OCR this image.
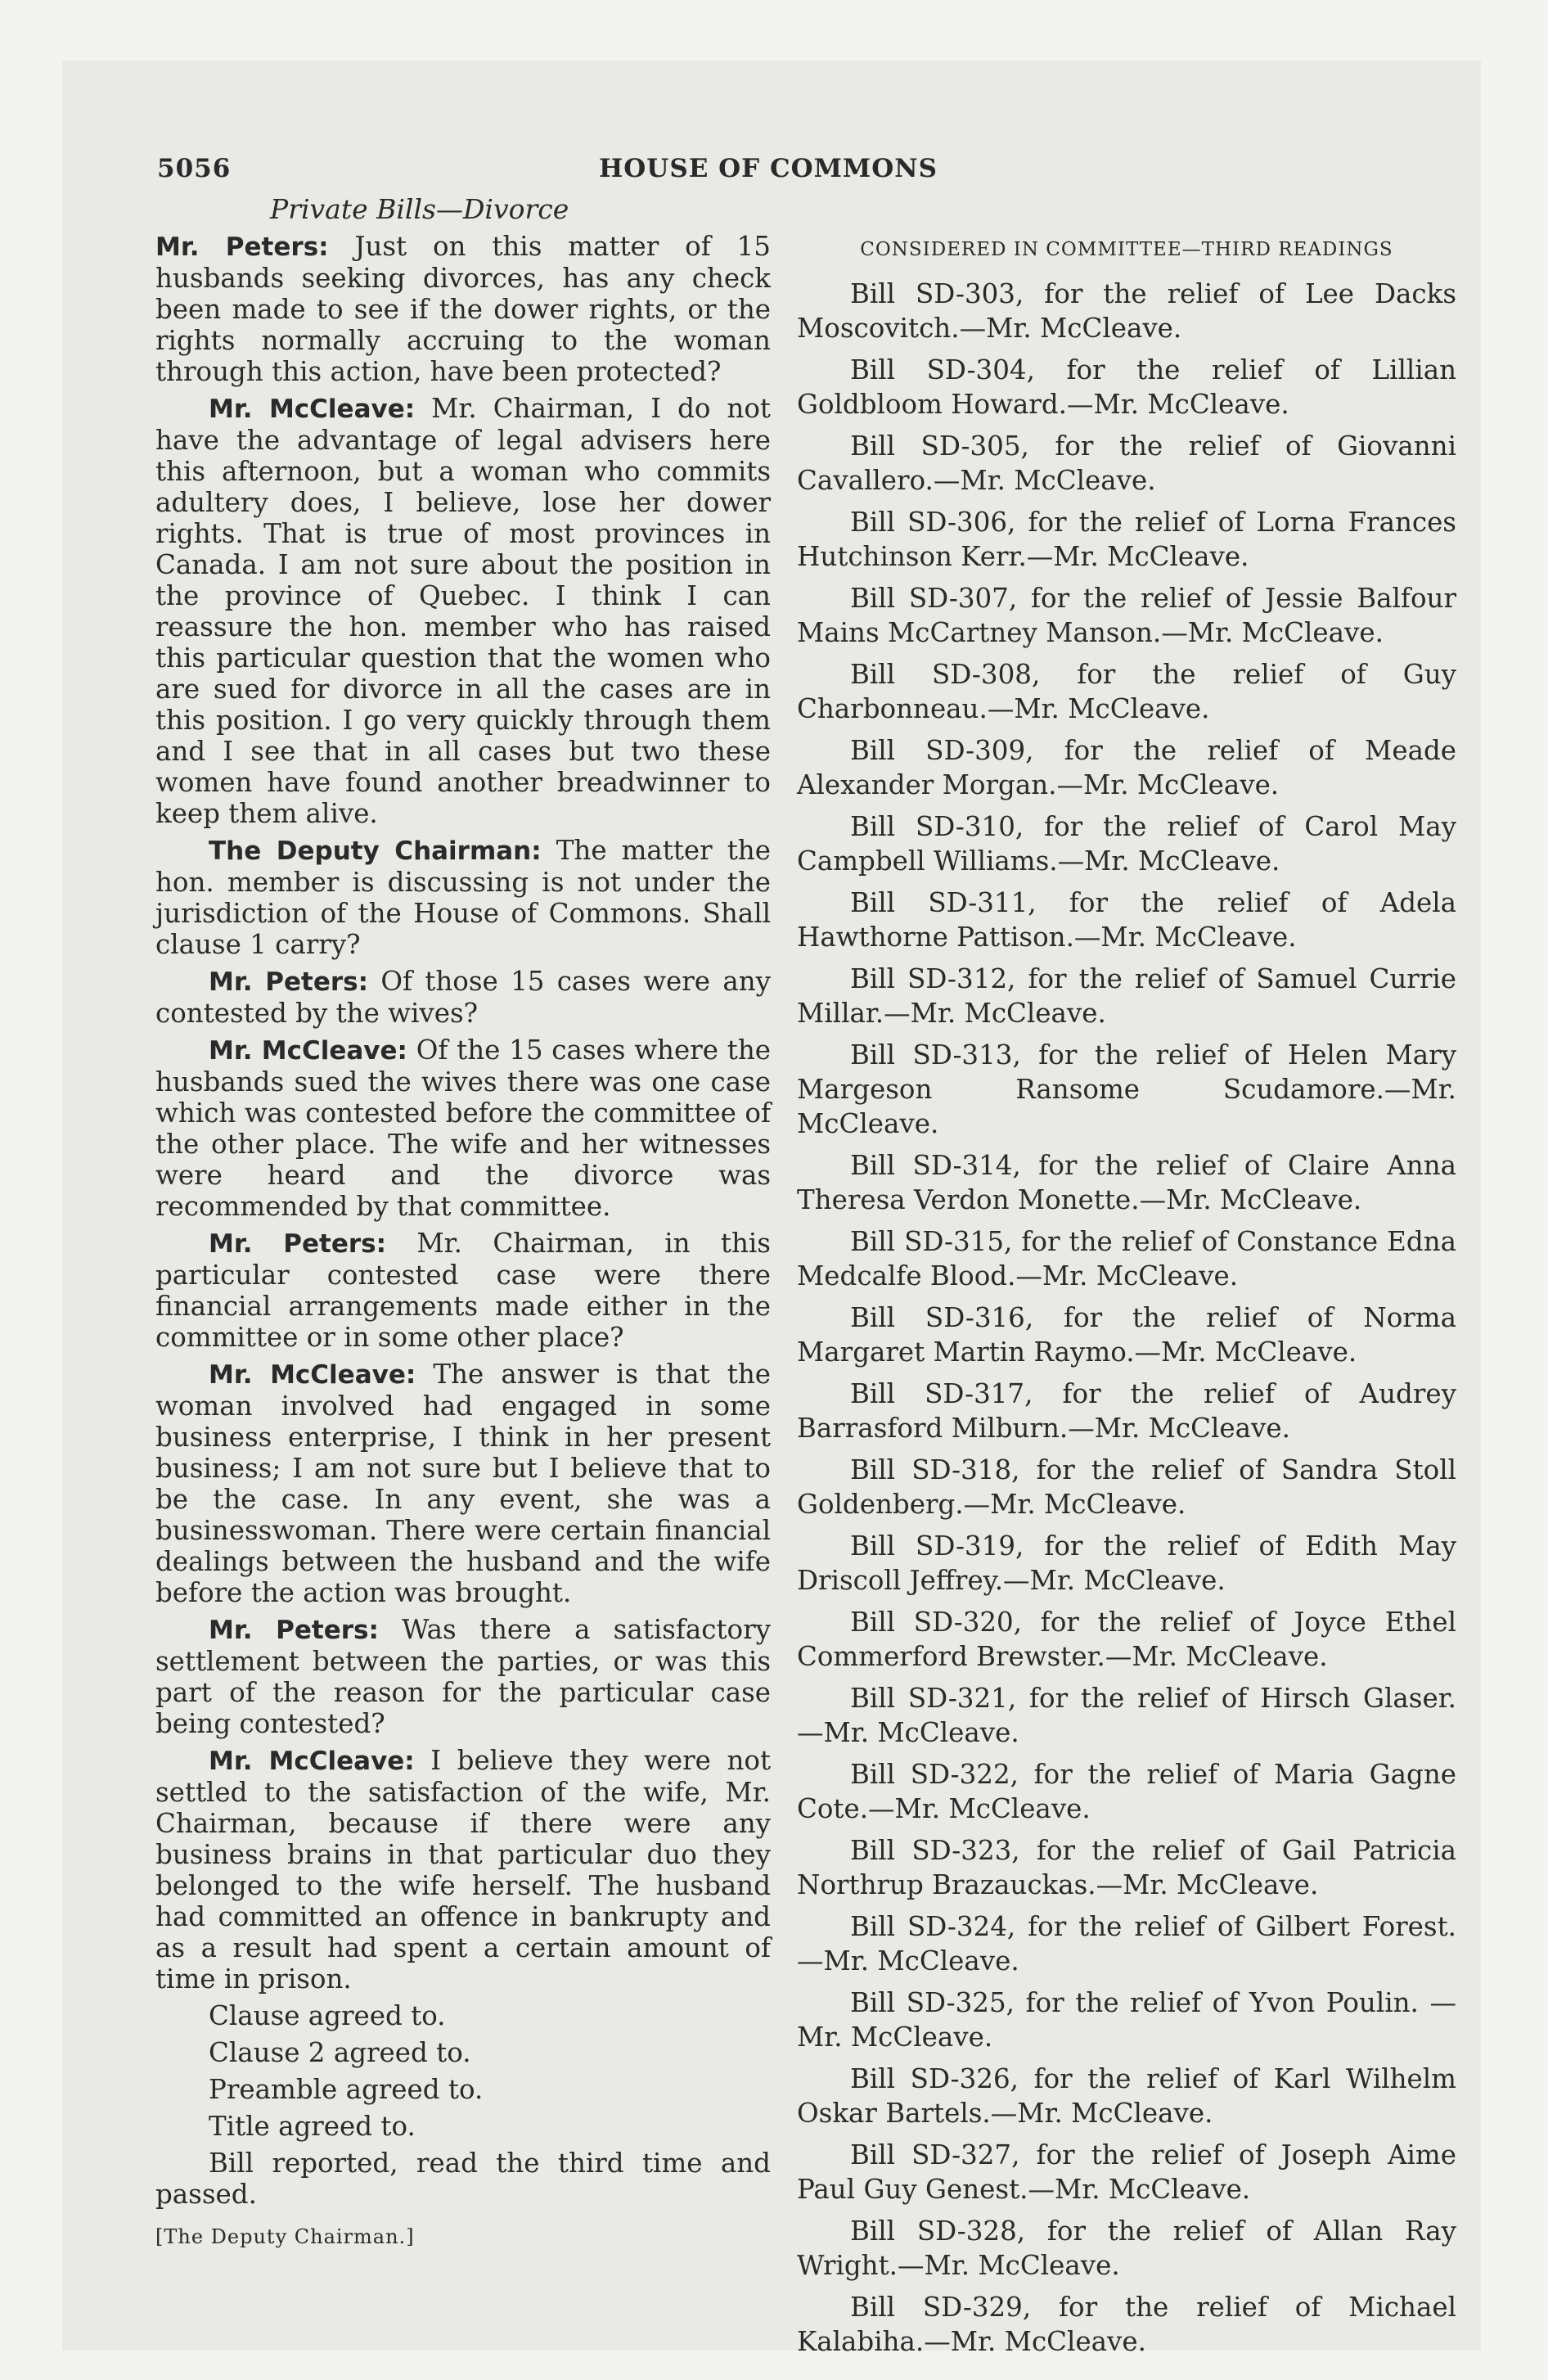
5056	HOUSE OF COMMONS
Private Bills—Divorce

Mr. Peters: Just on this matter of 15 husbands seeking divorces, has any check been made to see if the dower rights, or the rights normally accruing to the woman through this action, have been protected?

Mr. McCleave: Mr. Chairman, I do not have the advantage of legal advisers here this afternoon, but a woman who commits adultery does, I believe, lose her dower rights. That is true of most provinces in Canada. I am not sure about the position in the province of Quebec. I think I can reassure the hon. member who has raised this particular question that the women who are sued for divorce in all the cases are in this position. I go very quickly through them and I see that in all cases but two these women have found another breadwinner to keep them alive.

The Deputy Chairman: The matter the hon. member is discussing is not under the jurisdiction of the House of Commons. Shall clause 1 carry?

Mr. Peters: Of those 15 cases were any contested by the wives?

Mr. McCleave: Of the 15 cases where the husbands sued the wives there was one case which was contested before the committee of the other place. The wife and her witnesses were heard and the divorce was recommended by that committee.

Mr. Peters: Mr. Chairman, in this particular contested case were there financial arrangements made either in the committee or in some other place?

Mr. McCleave: The answer is that the woman involved had engaged in some business enterprise, I think in her present business; I am not sure but I believe that to be the case. In any event, she was a businesswoman. There were certain financial dealings between the husband and the wife before the action was brought.

Mr. Peters: Was there a satisfactory settlement between the parties, or was this part of the reason for the particular case being contested?

Mr. McCleave: I believe they were not settled to the satisfaction of the wife, Mr. Chairman, because if there were any business brains in that particular duo they belonged to the wife herself. The husband had committed an offence in bankrupty and as a result had spent a certain amount of time in prison.

Clause agreed to.

Clause 2 agreed to.

Preamble agreed to.

Title agreed to.

Bill reported, read the third time and passed.

[The Deputy Chairman.]
CONSIDERED IN COMMITTEE—THIRD READINGS

Bill SD-303, for the relief of Lee Dacks Moscovitch.—Mr. McCleave.

Bill SD-304, for the relief of Lillian Goldbloom Howard.—Mr. McCleave.

Bill SD-305, for the relief of Giovanni Cavallero.—Mr. McCleave.

Bill SD-306, for the relief of Lorna Frances Hutchinson Kerr.—Mr. McCleave.

Bill SD-307, for the relief of Jessie Balfour Mains McCartney Manson.—Mr. McCleave.

Bill SD-308, for the relief of Guy Charbonneau.—Mr. McCleave.

Bill SD-309, for the relief of Meade Alexander Morgan.—Mr. McCleave.

Bill SD-310, for the relief of Carol May Campbell Williams.—Mr. McCleave.

Bill SD-311, for the relief of Adela Hawthorne Pattison.—Mr. McCleave.

Bill SD-312, for the relief of Samuel Currie Millar.—Mr. McCleave.

Bill SD-313, for the relief of Helen Mary Margeson Ransome Scudamore.—Mr. McCleave.

Bill SD-314, for the relief of Claire Anna Theresa Verdon Monette.—Mr. McCleave.

Bill SD-315, for the relief of Constance Edna Medcalfe Blood.—Mr. McCleave.

Bill SD-316, for the relief of Norma Margaret Martin Raymo.—Mr. McCleave.

Bill SD-317, for the relief of Audrey Barrasford Milburn.—Mr. McCleave.

Bill SD-318, for the relief of Sandra Stoll Goldenberg.—Mr. McCleave.

Bill SD-319, for the relief of Edith May Driscoll Jeffrey.—Mr. McCleave.

Bill SD-320, for the relief of Joyce Ethel Commerford Brewster.—Mr. McCleave.

Bill SD-321, for the relief of Hirsch Glaser. —Mr. McCleave.

Bill SD-322, for the relief of Maria Gagne Cote.—Mr. McCleave.

Bill SD-323, for the relief of Gail Patricia Northrup Brazauckas.—Mr. McCleave.

Bill SD-324, for the relief of Gilbert Forest. —Mr. McCleave.

Bill SD-325, for the relief of Yvon Poulin. —Mr. McCleave.

Bill SD-326, for the relief of Karl Wilhelm Oskar Bartels.—Mr. McCleave.

Bill SD-327, for the relief of Joseph Aime Paul Guy Genest.—Mr. McCleave.

Bill SD-328, for the relief of Allan Ray Wright.—Mr. McCleave.

Bill SD-329, for the relief of Michael Kalabiha.—Mr. McCleave.
